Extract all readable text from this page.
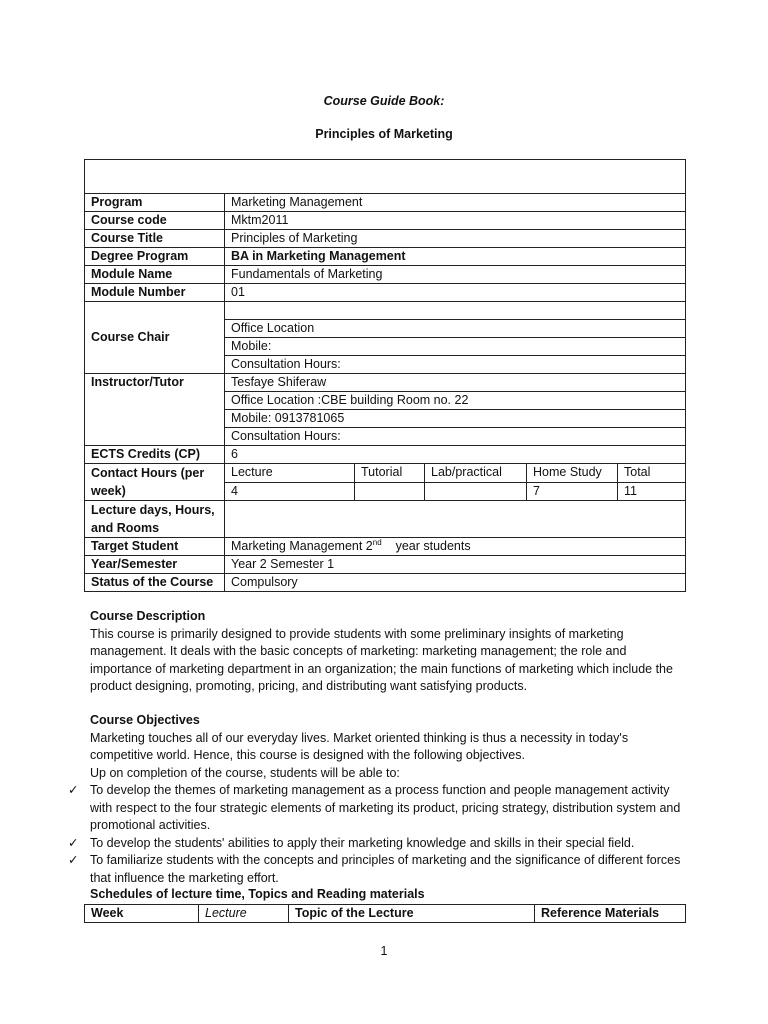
Course Guide Book:
Principles of Marketing

Program	Marketing Management				
Course code	Mktm2011				
Course Title	Principles of Marketing				
Degree Program	BA in Marketing Management				
Module Name	Fundamentals of Marketing				
Module Number	01				
Course Chair					
	Office Location				
	Mobile:				
	Consultation Hours:				
Instructor/Tutor	Tesfaye Shiferaw				
	Office Location :CBE building Room no. 22				
	Mobile: 0913781065				
	Consultation Hours:				
ECTS Credits (CP)	6				
Contact Hours (per week)	Lecture	Tutorial	Lab/practical	Home Study	Total
	4			7	11
Lecture days, Hours, and Rooms					
Target Student	Marketing Management 2nd year students				
Year/Semester	Year 2 Semester 1				
Status of the Course	Compulsory				

Course Description

This course is primarily designed to provide students with some preliminary insights of marketing management. It deals with the basic concepts of marketing: marketing management; the role and importance of marketing department in an organization; the main functions of marketing which include the product designing, promoting, pricing, and distributing want satisfying products.

Course Objectives

Marketing touches all of our everyday lives. Market oriented thinking is thus a necessity in today's competitive world. Hence, this course is designed with the following objectives.

Up on completion of the course, students will be able to:

✓ To develop the themes of marketing management as a process function and people management activity with respect to the four strategic elements of marketing its product, pricing strategy, distribution system and promotional activities.
✓ To develop the students' abilities to apply their marketing knowledge and skills in their special field.
✓ To familiarize students with the concepts and principles of marketing and the significance of different forces that influence the marketing effort.
Schedules of lecture time, Topics and Reading materials
Week	Lecture	Topic of the Lecture	Reference Materials
1
